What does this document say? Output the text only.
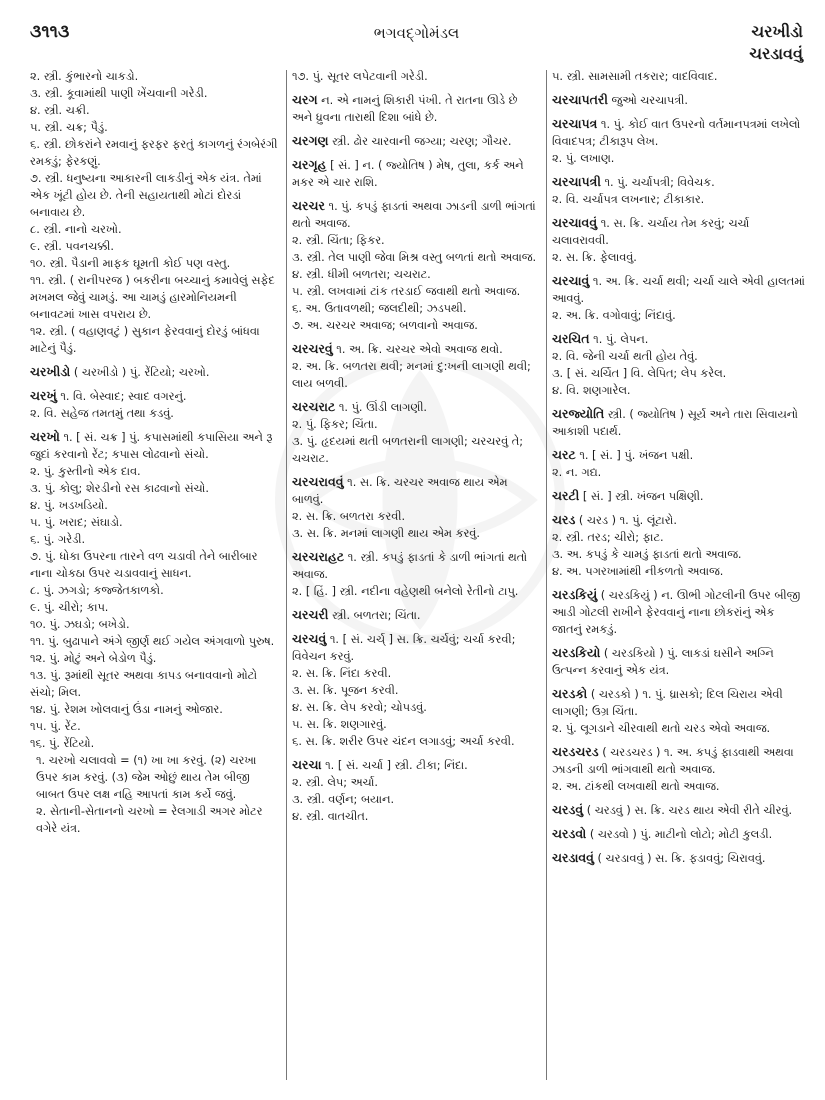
૩૧૧૩	ભગવદ્ગોમંડલ	ચરખીડો
ચરડાવવું

૨. સ્ત્રી. કુંભારનો ચાકડો.

૩. સ્ત્રી. કૂવામાંથી પાણી ખેંચવાની ગરેડી.

૪. સ્ત્રી. ચક્રી.

૫. સ્ત્રી. ચક્ર; પૈડું.

૬. સ્ત્રી. છોકરાંને રમવાનું ફરફર ફરતું કાગળનું રંગબેરંગી રમકડું; ફેરકણું.

૭. સ્ત્રી. ધનુષ્યના આકારની લાકડીનું એક યંત્ર. તેમાં એક ખૂંટી હોય છે. તેની સહાયતાથી મોટાં દોરડાં બનાવાય છે.

૮. સ્ત્રી. નાનો ચરખો.

૯. સ્ત્રી. પવનચક્કી.

૧૦. સ્ત્રી. પૈડાની માફક ઘૂમતી કોઈ પણ વસ્તુ.

૧૧. સ્ત્રી. ( રાનીપરજ ) બકરીના બચ્ચાનું કમાવેલું સફેદ મખમલ જેવું ચામડું. આ ચામડું હારમોનિયમની બનાવટમાં ખાસ વપરાય છે.

૧૨. સ્ત્રી. ( વહાણવટું ) સુકાન ફેરવવાનું દોરડું બાંધવા માટેનું પૈડું.

ચરખીડો ( ચરખીડો ) પું. રેંટિયો; ચરખો.

ચરખું ૧. વિ. બેસ્વાદ; સ્વાદ વગરનું.

૨. વિ. સહેજ તમતમું તથા કડવું.

ચરખો ૧. [ સં. ચક્ર ] પું. કપાસમાંથી કપાસિયા અને રૂ જુદાં કરવાનો રેંટ; કપાસ લોઢવાનો સંચો.

૨. પું. કુસ્તીનો એક દાવ.

૩. પું. કોલુ; શેરડીનો રસ કાઢવાનો સંચો.

૪. પું. ખડખડિયો.

૫. પું. ખરાદ; સંઘાડો.

૬. પું. ગરેડી.

૭. પું. ધોકા ઉપરના તારને વળ ચડાવી તેને બારીબાર નાના ચોકઠા ઉપર ચડાવવાનું સાધન.

૮. પું. ઝગડો; કજ્જેતકાળકો.

૯. પું. ચીરો; કાપ.

૧૦. પું. ઝઘડો; બખેડો.

૧૧. પું. બુઢાપાને અંગે જીર્ણ થઈ ગયેલ અંગવાળો પુરુષ.

૧૨. પું. મોટું અને બેડોળ પૈડું.

૧૩. પું. રૂમાંથી સૂતર અથવા કાપડ બનાવવાનો મોટો સંચો; મિલ.

૧૪. પું. રેશમ ખોલવાનું ઉંડા નામનું ઓજાર.

૧૫. પું. રેંટ.

૧૬. પું. રેંટિયો.

૧. ચરખો ચલાવવો = (૧) ખા ખા કરવું. (૨) ચરખા ઉપર કામ કરવું. (૩) જેમ ઓછું થાય તેમ બીજી બાબત ઉપર લક્ષ નહિ આપતાં કામ કર્યે જવું.

૨. સેતાની-સેતાનનો ચરખો = રેલગાડી અગર મોટર વગેરે યંત્ર.

૧૭. પું. સૂતર લપેટવાની ગરેડી.

ચરગ ન. એ નામનું શિકારી પંખી. તે રાતના ઊડે છે અને ધ્રુવના તારાથી દિશા બાંધે છે.

ચરગણ સ્ત્રી. ઢોર ચારવાની જગ્યા; ચરણ; ગૌચર.

ચરગૃહ [ સં. ] ન. ( જ્યોતિષ ) મેષ, તુલા, કર્ક અને મકર એ ચાર રાશિ.

ચરચર ૧. પું. કપડું ફાડતાં અથવા ઝાડની ડાળી ભાંગતાં થતો અવાજ.

૨. સ્ત્રી. ચિંતા; ફિકર.

૩. સ્ત્રી. તેલ પાણી જેવા મિશ્ર વસ્તુ બળતાં થતો અવાજ.

૪. સ્ત્રી. ધીમી બળતરા; ચચરાટ.

૫. સ્ત્રી. લખવામાં ટાંક તરડાઈ જવાથી થતો અવાજ.

૬. અ. ઉતાવળથી; જલદીથી; ઝડપથી.

૭. અ. ચરચર અવાજ; બળવાનો અવાજ.

ચરચરવું ૧. અ. ક્રિ. ચરચર એવો અવાજ થવો.

૨. અ. ક્રિ. બળતરા થવી; મનમાં દુ:ખની લાગણી થવી; લાય બળવી.

ચરચરાટ ૧. પું. ઊંડી લાગણી.

૨. પું. ફિકર; ચિંતા.

૩. પું. હૃદયમાં થતી બળતરાની લાગણી; ચરચરવું તે; ચચરાટ.

ચરચરાવવું ૧. સ. ક્રિ. ચરચર અવાજ થાય એમ બાળવું.

૨. સ. ક્રિ. બળતરા કરવી.

૩. સ. ક્રિ. મનમાં લાગણી થાય એમ કરવું.

ચરચરાહટ ૧. સ્ત્રી. કપડું ફાડતાં કે ડાળી ભાંગતાં થતો અવાજ.

૨. [ હિં. ] સ્ત્રી. નદીના વહેણથી બનેલો રેતીનો ટાપુ.

ચરચરી સ્ત્રી. બળતરા; ચિંતા.

ચરચવું ૧. [ સં. ચર્ચ્ ] સ. ક્રિ. ચર્ચવું; ચર્ચા કરવી; વિવેચન કરવું.

૨. સ. ક્રિ. નિંદા કરવી.

૩. સ. ક્રિ. પૂજન કરવી.

૪. સ. ક્રિ. લેપ કરવો; ચોપડવું.

૫. સ. ક્રિ. શણગારવું.

૬. સ. ક્રિ. શરીર ઉપર ચંદન લગાડવું; અર્ચા કરવી.

ચરચા ૧. [ સં. ચર્ચા ] સ્ત્રી. ટીકા; નિંદા.

૨. સ્ત્રી. લેપ; અર્ચા.

૩. સ્ત્રી. વર્ણન; બયાન.

૪. સ્ત્રી. વાતચીત.

૫. સ્ત્રી. સામસામી તકરાર; વાદવિવાદ.

ચરચાપતરી જુઓ ચરચાપત્રી.

ચરચાપત્ર ૧. પું. કોઈ વાત ઉપરનો વર્તમાનપત્રમાં લખેલો વિવાદપત્ર; ટીકારૂપ લેખ.

૨. પું. લખાણ.

ચરચાપત્રી ૧. પું. ચર્ચાપત્રી; વિવેચક.

૨. વિ. ચર્ચાપત્ર લખનાર; ટીકાકાર.

ચરચાવવું ૧. સ. ક્રિ. ચર્ચાય તેમ કરવું; ચર્ચા ચલાવરાવવી.

૨. સ. ક્રિ. ફેલાવવું.

ચરચાવું ૧. અ. ક્રિ. ચર્ચા થવી; ચર્ચા ચાલે એવી હાલતમાં આવવું.

૨. અ. ક્રિ. વગોવાવું; નિંદાવું.

ચરચિત ૧. પું. લેપન.

૨. વિ. જેની ચર્ચા થતી હોય તેવું.

૩. [ સં. ચર્ચિત ] વિ. લેપિત; લેપ કરેલ.

૪. વિ. શણગારેલ.

ચરજ્યોતિ સ્ત્રી. ( જ્યોતિષ ) સૂર્ય અને તારા સિવાયનો આકાશી પદાર્થ.

ચરટ ૧. [ સં. ] પું. ખંજન પક્ષી.

૨. ન. ગદ્ય.

ચરટી [ સં. ] સ્ત્રી. ખંજન પક્ષિણી.

ચરડ ( ચરડ ) ૧. પું. લૂંટારો.

૨. સ્ત્રી. તરડ; ચીરો; ફાટ.

૩. અ. કપડું કે ચામડું ફાડતાં થતો અવાજ.

૪. અ. પગરખામાંથી નીકળતો અવાજ.

ચરડકિયું ( ચરડકિયું ) ન. ઊભી ગોટલીની ઉપર બીજી આડી ગોટલી રાખીને ફેરવવાનું નાના છોકરાંનું એક જાતનું રમકડું.

ચરડકિયો ( ચરડકિયો ) પું. લાકડાં ઘસીને અગ્નિ ઉત્પન્ન કરવાનું એક યંત્ર.

ચરડકો ( ચરડકો ) ૧. પું. ધ્રાસકો; દિલ ચિરાય એવી લાગણી; ઉગ્ર ચિંતા.

૨. પું. લૂગડાને ચીરવાથી થતો ચરડ એવો અવાજ.

ચરડચરડ ( ચરડચરડ ) ૧. અ. કપડું ફાડવાથી અથવા ઝાડની ડાળી ભાંગવાથી થતો અવાજ.

૨. અ. ટાંકથી લખવાથી થતો અવાજ.

ચરડવું ( ચરડવું ) સ. ક્રિ. ચરડ થાય એવી રીતે ચીરવું.

ચરડવો ( ચરડવો ) પું. માટીનો લોટો; મોટી કુલડી.

ચરડાવવું ( ચરડાવવું ) સ. ક્રિ. ફડાવવું; ચિરાવવું.
